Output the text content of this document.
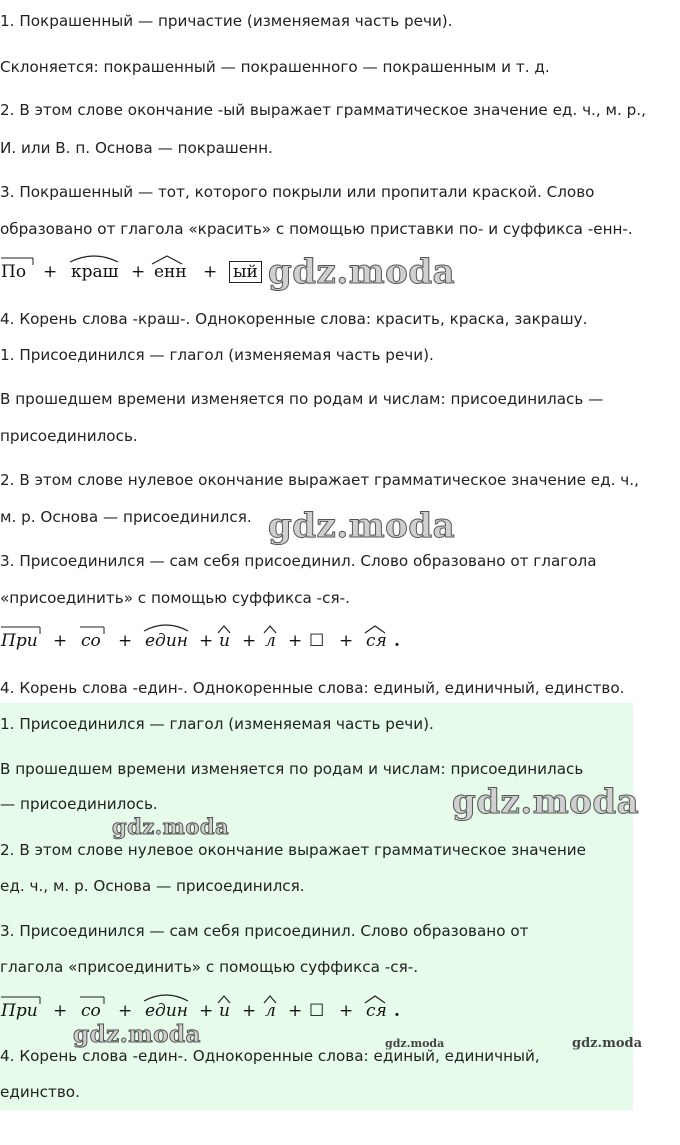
1. Покрашенный — причастие (изменяемая часть речи).
Склоняется: покрашенный — покрашенного — покрашенным и т. д.
2. В этом слове окончание -ый выражает грамматическое значение ед. ч., м. р.,
И. или В. п. Основа — покрашенн.
3. Покрашенный — тот, которого покрыли или пропитали краской. Слово
образовано от глагола «красить» с помощью приставки по- и суффикса -енн-.
По + краш + енн + ый
4. Корень слова -краш-. Однокоренные слова: красить, краска, закрашу.
1. Присоединился — глагол (изменяемая часть речи).
В прошедшем времени изменяется по родам и числам: присоединилась —
присоединилось.
2. В этом слове нулевое окончание выражает грамматическое значение ед. ч.,
м. р. Основа — присоединился.
3. Присоединился — сам себя присоединил. Слово образовано от глагола
«присоединить» с помощью суффикса -ся-.
При + со + един + и + л + ☐ + ся .
4. Корень слова -един-. Однокоренные слова: единый, единичный, единство.
1. Присоединился — глагол (изменяемая часть речи).
В прошедшем времени изменяется по родам и числам: присоединилась
— присоединилось.
2. В этом слове нулевое окончание выражает грамматическое значение
ед. ч., м. р. Основа — присоединился.
3. Присоединился — сам себя присоединил. Слово образовано от
глагола «присоединить» с помощью суффикса -ся-.
При + со + един + и + л + ☐ + ся .
4. Корень слова -един-. Однокоренные слова: единый, единичный,
единство.
gdz.moda
gdz.moda
gdz.moda
gdz.moda
gdz.moda	gdz.moda	gdz.moda
